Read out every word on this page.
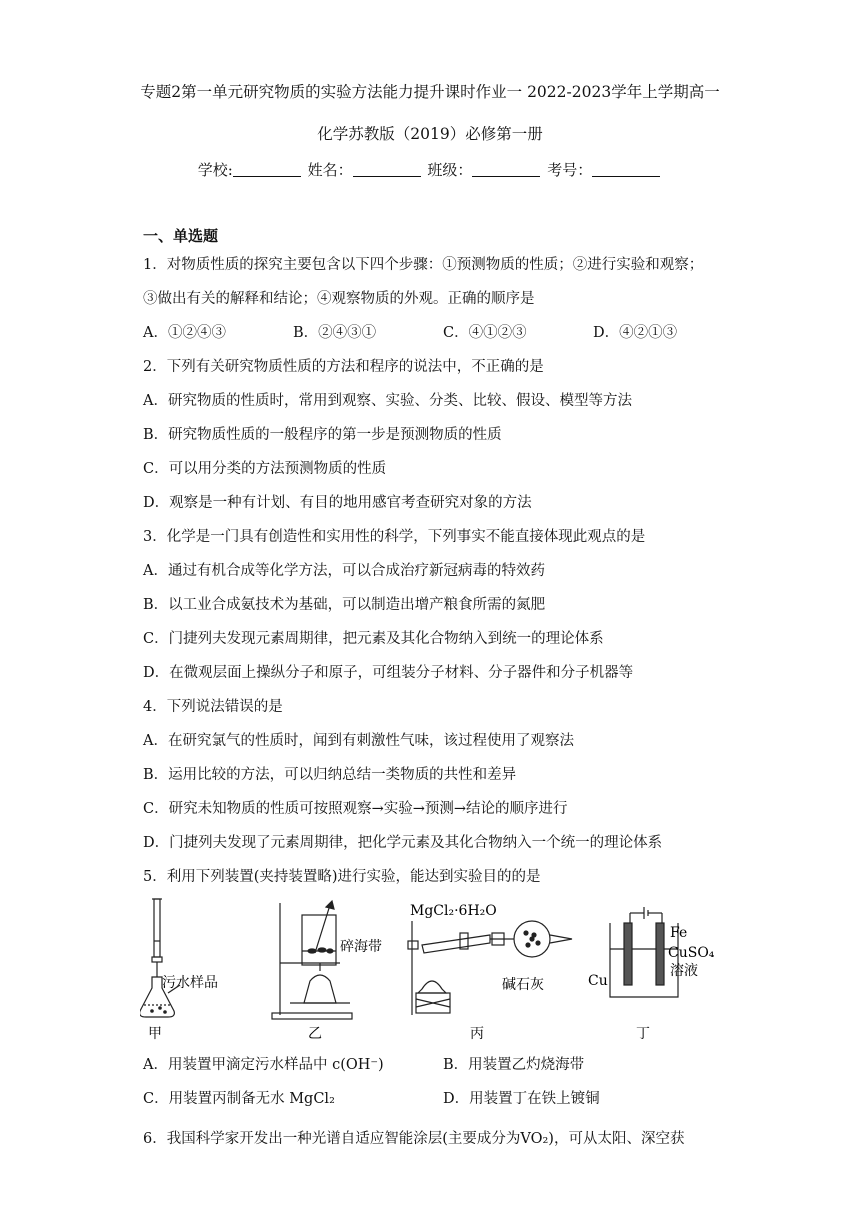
专题2第一单元研究物质的实验方法能力提升课时作业一 2022-2023学年上学期高一
化学苏教版（2019）必修第一册
学校:	姓名：	班级：	考号：
一、单选题
1．对物质性质的探究主要包含以下四个步骤：①预测物质的性质；②进行实验和观察；
③做出有关的解释和结论；④观察物质的外观。正确的顺序是
A．①②④③	B．②④③①	C．④①②③	D．④②①③
2．下列有关研究物质性质的方法和程序的说法中，不正确的是
A．研究物质的性质时，常用到观察、实验、分类、比较、假设、模型等方法
B．研究物质性质的一般程序的第一步是预测物质的性质
C．可以用分类的方法预测物质的性质
D．观察是一种有计划、有目的地用感官考查研究对象的方法
3．化学是一门具有创造性和实用性的科学，下列事实不能直接体现此观点的是
A．通过有机合成等化学方法，可以合成治疗新冠病毒的特效药
B．以工业合成氨技术为基础，可以制造出增产粮食所需的氮肥
C．门捷列夫发现元素周期律，把元素及其化合物纳入到统一的理论体系
D．在微观层面上操纵分子和原子，可组装分子材料、分子器件和分子机器等
4．下列说法错误的是
A．在研究氯气的性质时，闻到有刺激性气味，该过程使用了观察法
B．运用比较的方法，可以归纳总结一类物质的共性和差异
C．研究未知物质的性质可按照观察→实验→预测→结论的顺序进行
D．门捷列夫发现了元素周期律，把化学元素及其化合物纳入一个统一的理论体系
5．利用下列装置(夹持装置略)进行实验，能达到实验目的的是
污水样品
碎海带
MgCl₂·6H₂O
碱石灰
Fe
Cu
CuSO₄
溶液
甲	乙	丙	丁
A．用装置甲滴定污水样品中 c(OH⁻)	B．用装置乙灼烧海带
C．用装置丙制备无水 MgCl₂	D．用装置丁在铁上镀铜
6．我国科学家开发出一种光谱自适应智能涂层(主要成分为VO₂)，可从太阳、深空获
